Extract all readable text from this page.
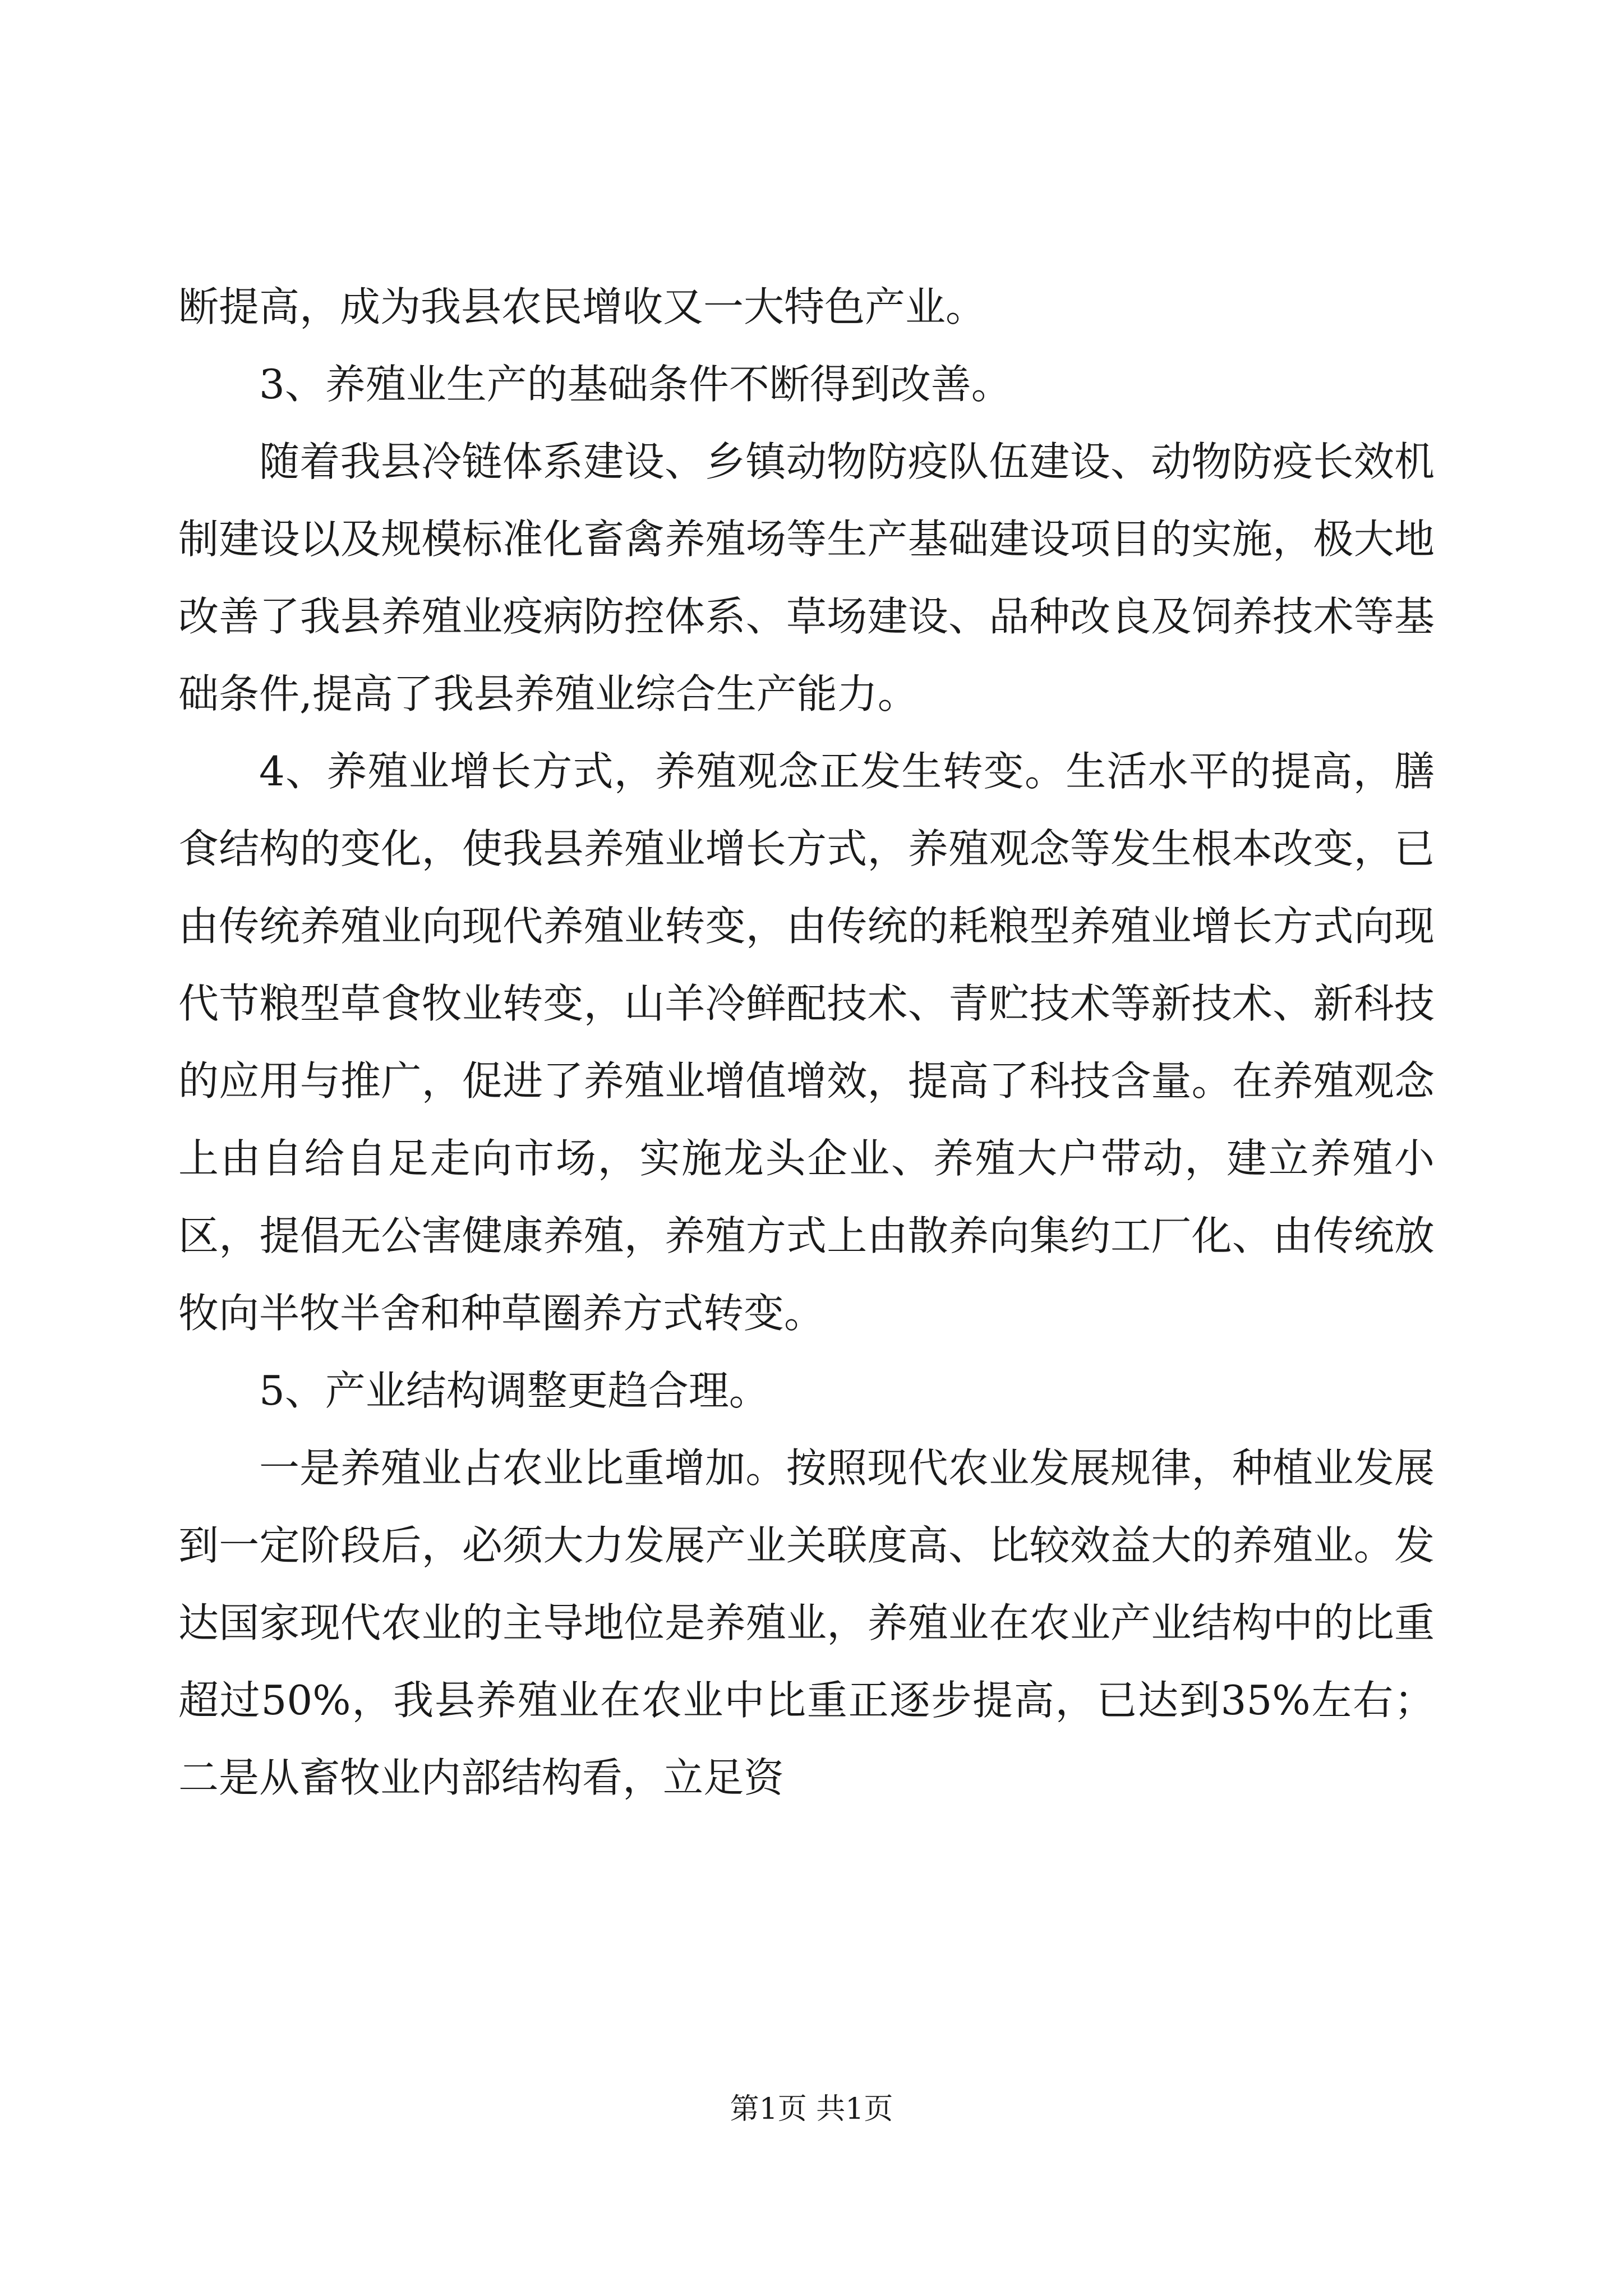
断提高，成为我县农民增收又一大特色产业。

3、养殖业生产的基础条件不断得到改善。

随着我县冷链体系建设、乡镇动物防疫队伍建设、动物防疫长效机制建设以及规模标准化畜禽养殖场等生产基础建设项目的实施，极大地改善了我县养殖业疫病防控体系、草场建设、品种改良及饲养技术等基础条件,提高了我县养殖业综合生产能力。

4、养殖业增长方式，养殖观念正发生转变。生活水平的提高，膳食结构的变化，使我县养殖业增长方式，养殖观念等发生根本改变，已由传统养殖业向现代养殖业转变，由传统的耗粮型养殖业增长方式向现代节粮型草食牧业转变，山羊冷鲜配技术、青贮技术等新技术、新科技的应用与推广，促进了养殖业增值增效，提高了科技含量。在养殖观念上由自给自足走向市场，实施龙头企业、养殖大户带动，建立养殖小区，提倡无公害健康养殖，养殖方式上由散养向集约工厂化、由传统放牧向半牧半舍和种草圈养方式转变。

5、产业结构调整更趋合理。

一是养殖业占农业比重增加。按照现代农业发展规律，种植业发展到一定阶段后，必须大力发展产业关联度高、比较效益大的养殖业。发达国家现代农业的主导地位是养殖业，养殖业在农业产业结构中的比重超过50%，我县养殖业在农业中比重正逐步提高，已达到35%左右；二是从畜牧业内部结构看，立足资

第1页 共1页
